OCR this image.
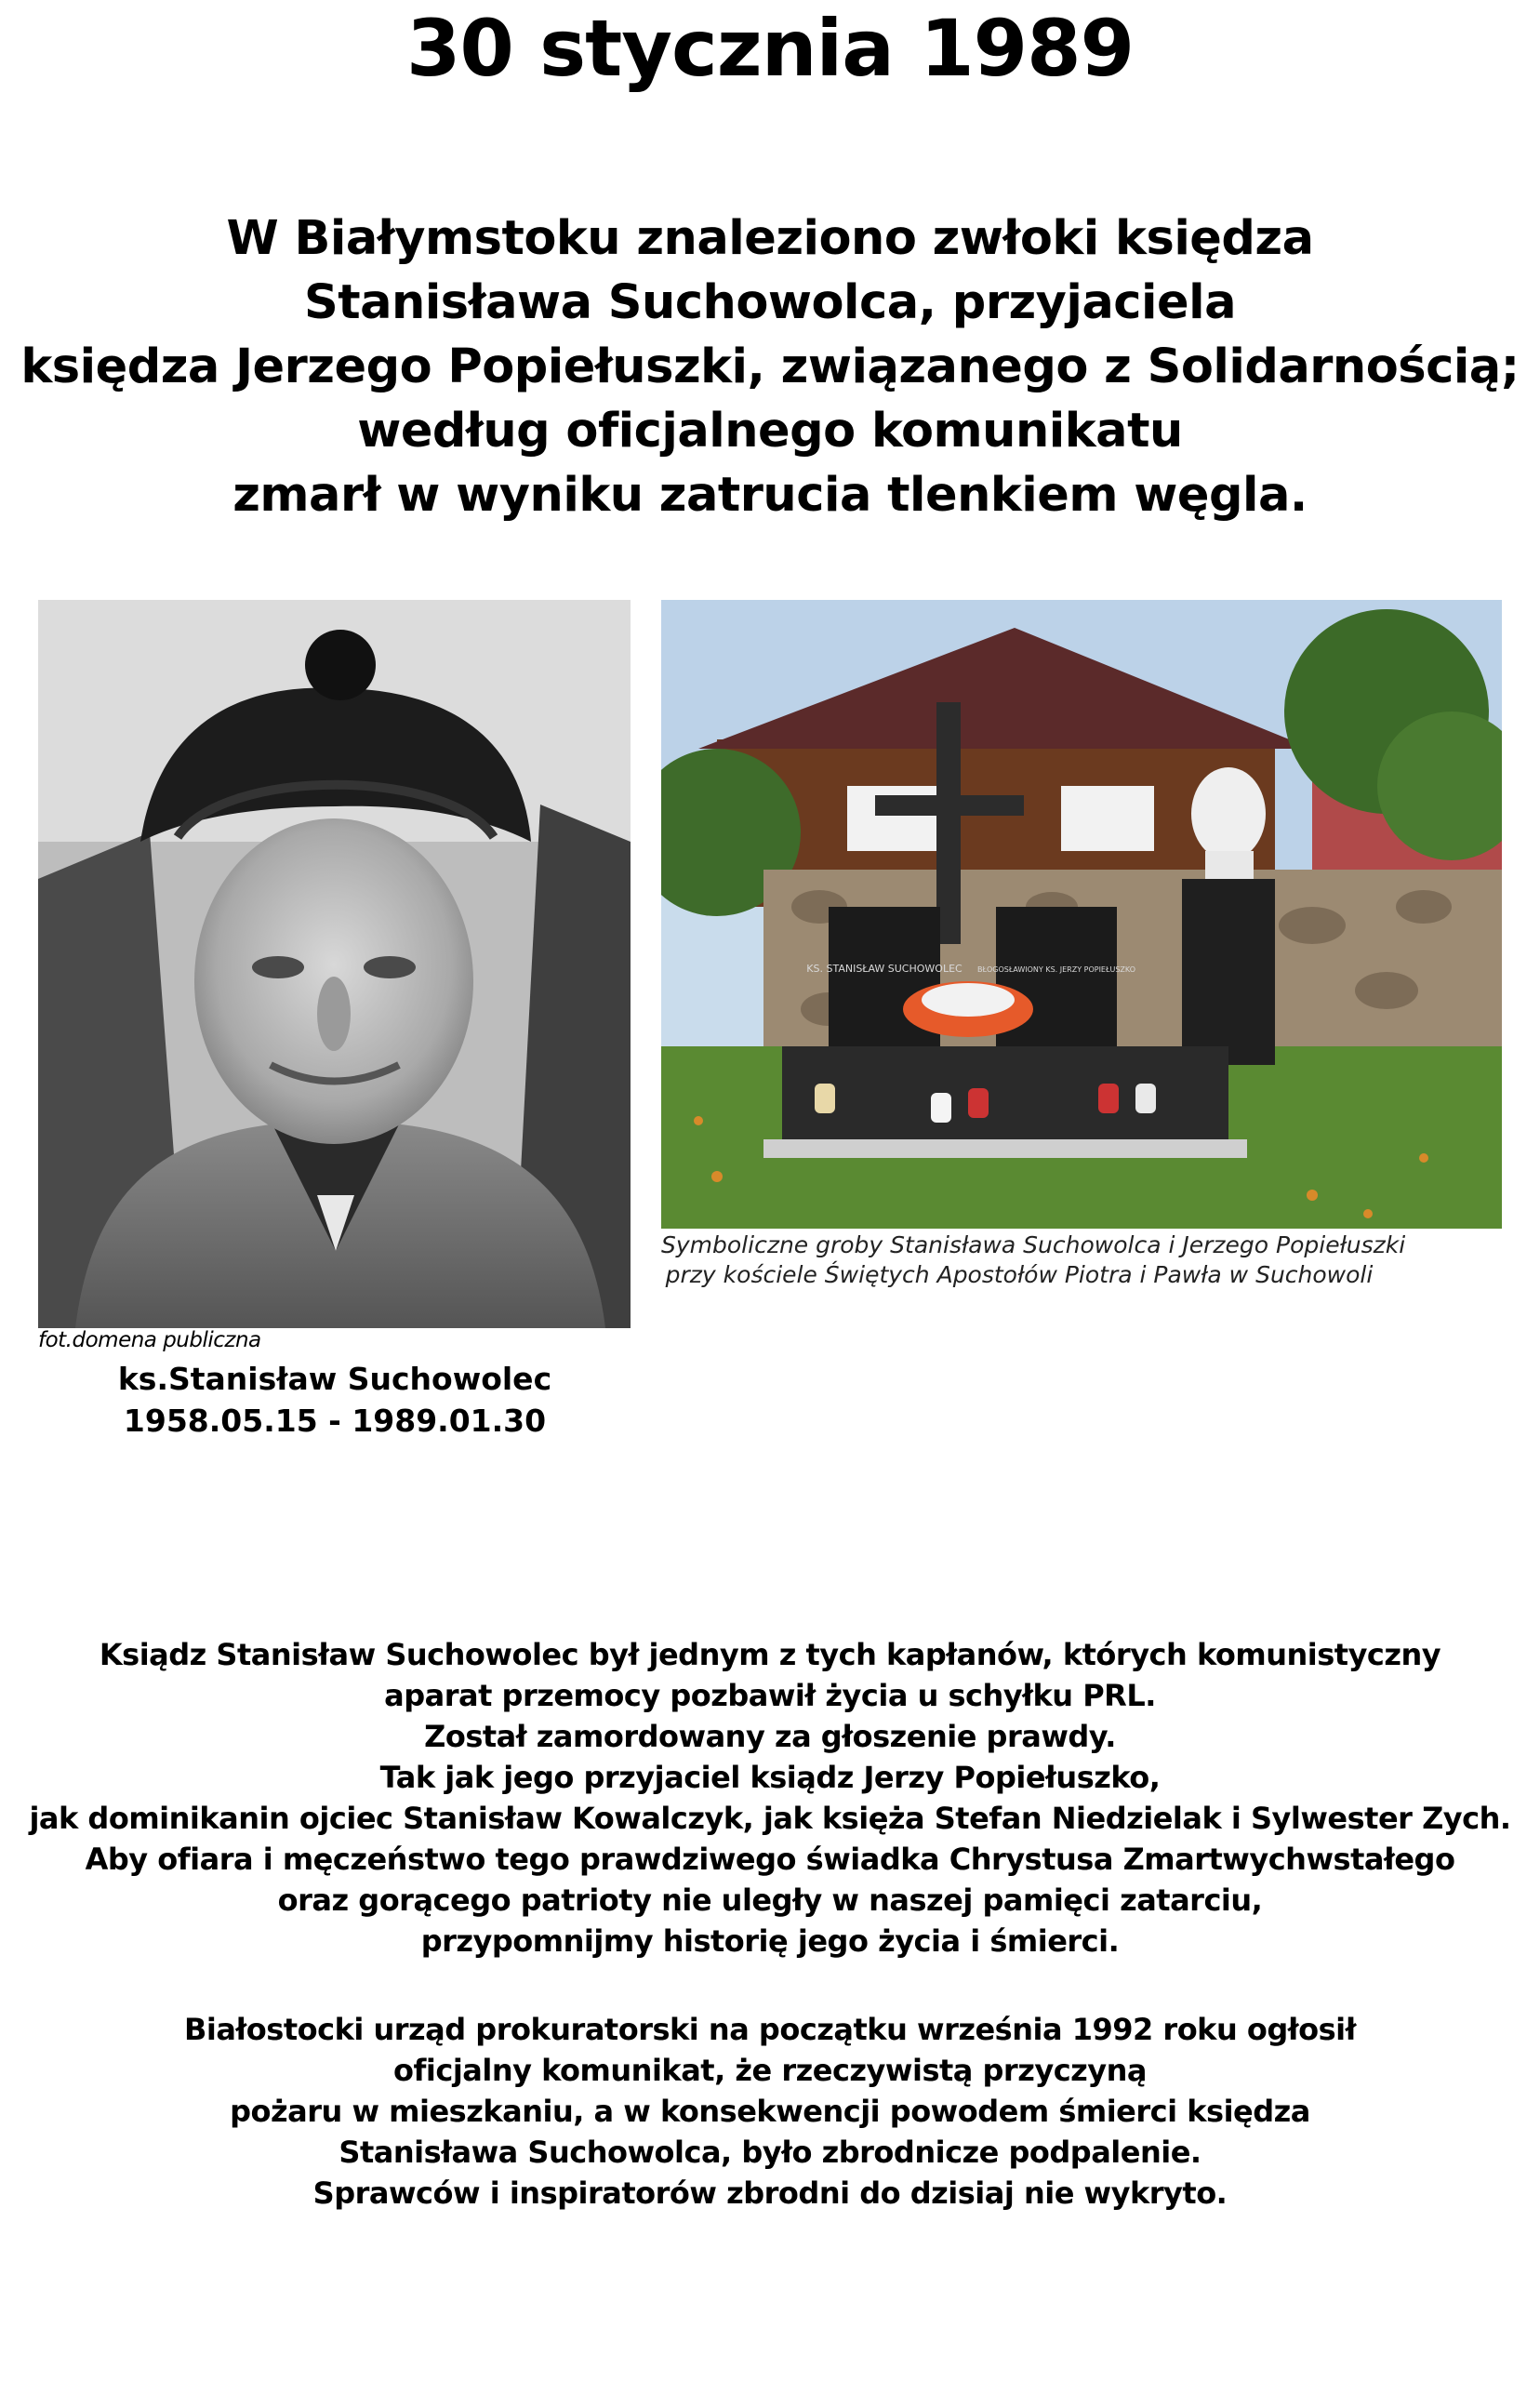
30 stycznia 1989
W Białymstoku znaleziono zwłoki księdza
Stanisława Suchowolca, przyjaciela
księdza Jerzego Popiełuszki, związanego z Solidarnością;
według oficjalnego komunikatu
zmarł w wyniku zatrucia tlenkiem węgla.
KS. STANISŁAW SUCHOWOLEC BŁOGOSŁAWIONY KS. JERZY POPIEŁUSZKO
fot.domena publiczna
ks.Stanisław Suchowolec
1958.05.15 - 1989.01.30
Symboliczne groby Stanisława Suchowolca i Jerzego Popiełuszki
przy kościele Świętych Apostołów Piotra i Pawła w Suchowoli
Ksiądz Stanisław Suchowolec był jednym z tych kapłanów, których komunistyczny
aparat przemocy pozbawił życia u schyłku PRL.
Został zamordowany za głoszenie prawdy.
Tak jak jego przyjaciel ksiądz Jerzy Popiełuszko,
jak dominikanin ojciec Stanisław Kowalczyk, jak księża Stefan Niedzielak i Sylwester Zych.
Aby ofiara i męczeństwo tego prawdziwego świadka Chrystusa Zmartwychwstałego
oraz gorącego patrioty nie uległy w naszej pamięci zatarciu,
przypomnijmy historię jego życia i śmierci.
Białostocki urząd prokuratorski na początku września 1992 roku ogłosił
oficjalny komunikat, że rzeczywistą przyczyną
pożaru w mieszkaniu, a w konsekwencji powodem śmierci księdza
Stanisława Suchowolca, było zbrodnicze podpalenie.
Sprawców i inspiratorów zbrodni do dzisiaj nie wykryto.
